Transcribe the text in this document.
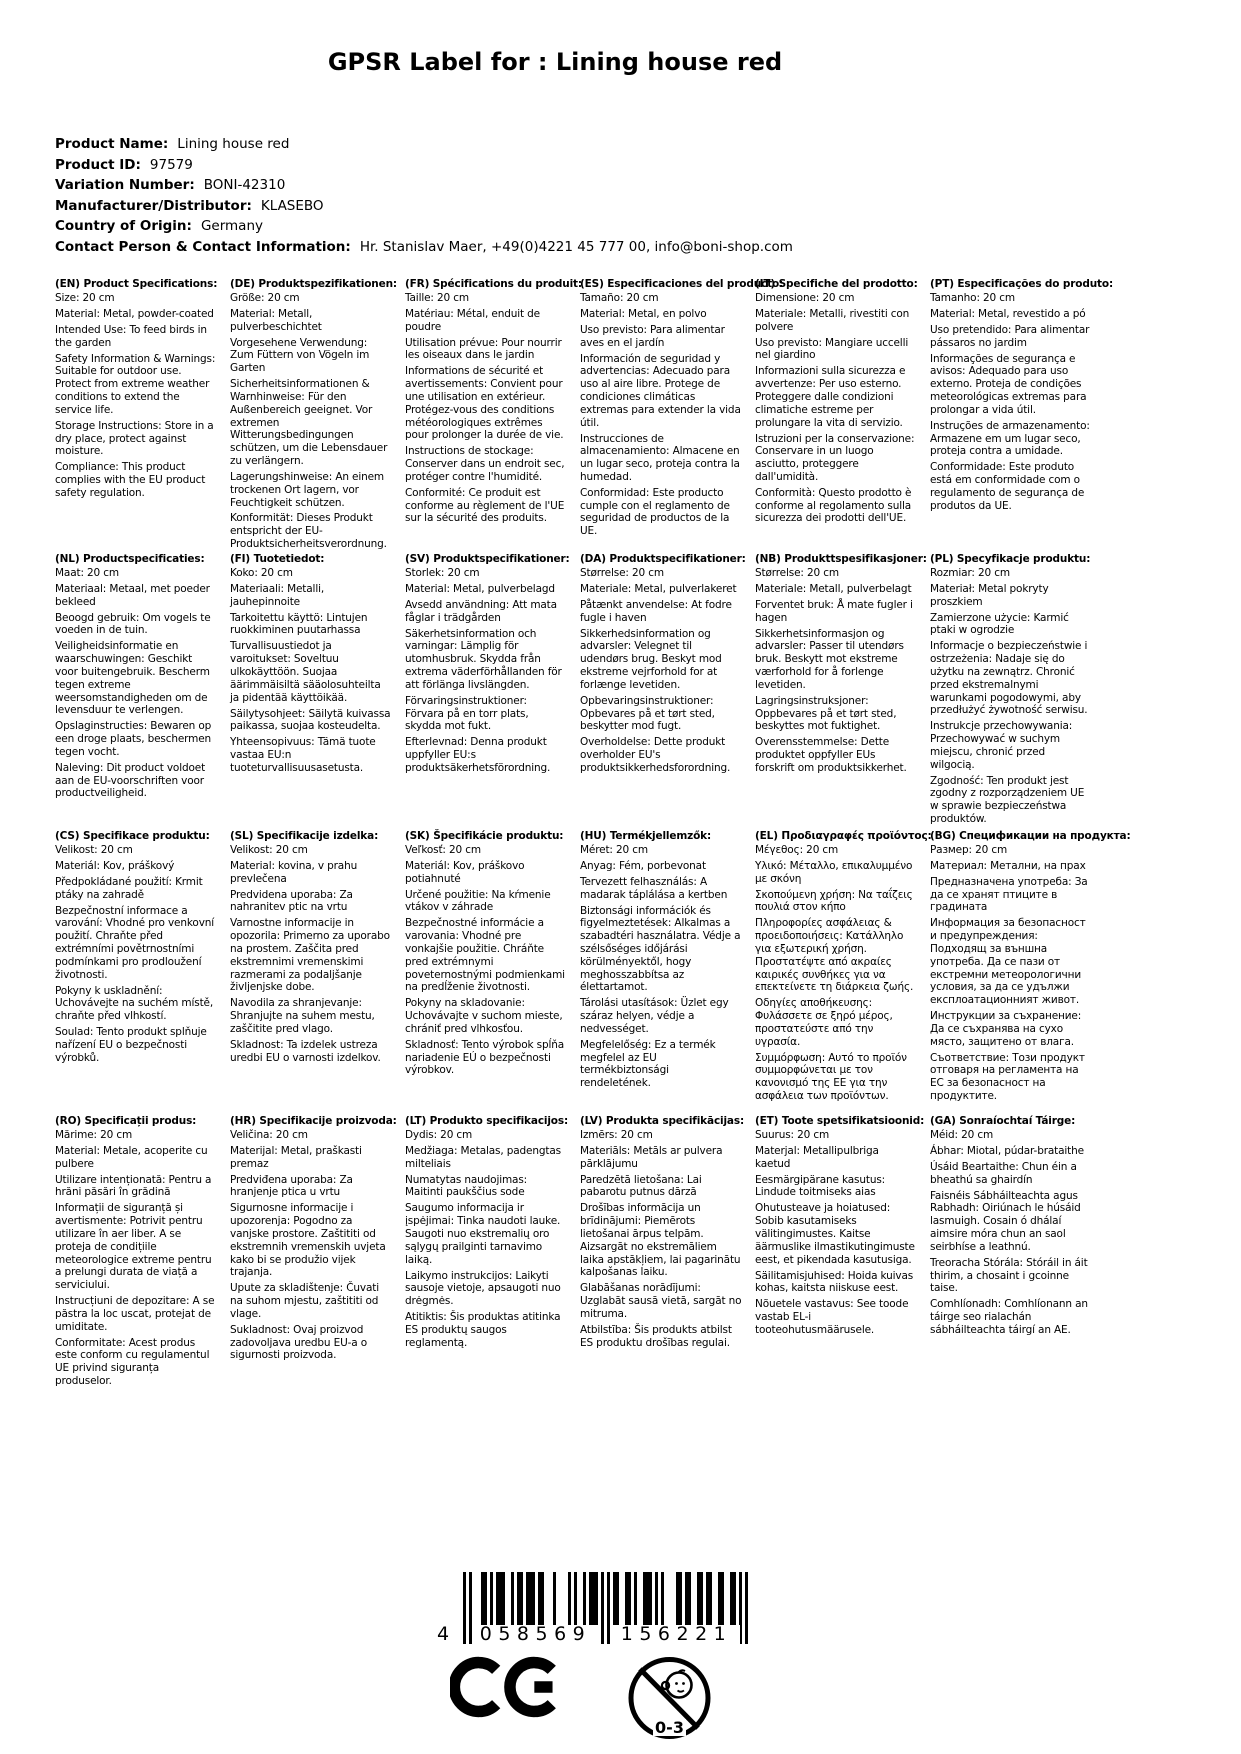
GPSR Label for : Lining house red
Product Name: Lining house red
Product ID: 97579
Variation Number: BONI-42310
Manufacturer/Distributor: KLASEBO
Country of Origin: Germany
Contact Person & Contact Information: Hr. Stanislav Maer, +49(0)4221 45 777 00, info@boni-shop.com
(EN) Product Specifications:

Size: 20 cm

Material: Metal, powder-coated

Intended Use: To feed birds in the garden

Safety Information & Warnings: Suitable for outdoor use. Protect from extreme weather conditions to extend the service life.

Storage Instructions: Store in a dry place, protect against moisture.

Compliance: This product complies with the EU product safety regulation.

(DE) Produktspezifikationen:

Größe: 20 cm

Material: Metall, pulverbeschichtet

Vorgesehene Verwendung: Zum Füttern von Vögeln im Garten

Sicherheitsinformationen & Warnhinweise: Für den Außenbereich geeignet. Vor extremen Witterungsbedingungen schützen, um die Lebensdauer zu verlängern.

Lagerungshinweise: An einem trockenen Ort lagern, vor Feuchtigkeit schützen.

Konformität: Dieses Produkt entspricht der EU-Produktsicherheitsverordnung.

(FR) Spécifications du produit:

Taille: 20 cm

Matériau: Métal, enduit de poudre

Utilisation prévue: Pour nourrir les oiseaux dans le jardin

Informations de sécurité et avertissements: Convient pour une utilisation en extérieur. Protégez-vous des conditions météorologiques extrêmes pour prolonger la durée de vie.

Instructions de stockage: Conserver dans un endroit sec, protéger contre l'humidité.

Conformité: Ce produit est conforme au règlement de l'UE sur la sécurité des produits.

(ES) Especificaciones del producto:

Tamaño: 20 cm

Material: Metal, en polvo

Uso previsto: Para alimentar aves en el jardín

Información de seguridad y advertencias: Adecuado para uso al aire libre. Protege de condiciones climáticas extremas para extender la vida útil.

Instrucciones de almacenamiento: Almacene en un lugar seco, proteja contra la humedad.

Conformidad: Este producto cumple con el reglamento de seguridad de productos de la UE.

(IT) Specifiche del prodotto:

Dimensione: 20 cm

Materiale: Metalli, rivestiti con polvere

Uso previsto: Mangiare uccelli nel giardino

Informazioni sulla sicurezza e avvertenze: Per uso esterno. Proteggere dalle condizioni climatiche estreme per prolungare la vita di servizio.

Istruzioni per la conservazione: Conservare in un luogo asciutto, proteggere dall'umidità.

Conformità: Questo prodotto è conforme al regolamento sulla sicurezza dei prodotti dell'UE.

(PT) Especificações do produto:

Tamanho: 20 cm

Material: Metal, revestido a pó

Uso pretendido: Para alimentar pássaros no jardim

Informações de segurança e avisos: Adequado para uso externo. Proteja de condições meteorológicas extremas para prolongar a vida útil.

Instruções de armazenamento: Armazene em um lugar seco, proteja contra a umidade.

Conformidade: Este produto está em conformidade com o regulamento de segurança de produtos da UE.

(NL) Productspecificaties:

Maat: 20 cm

Materiaal: Metaal, met poeder bekleed

Beoogd gebruik: Om vogels te voeden in de tuin.

Veiligheidsinformatie en waarschuwingen: Geschikt voor buitengebruik. Bescherm tegen extreme weersomstandigheden om de levensduur te verlengen.

Opslaginstructies: Bewaren op een droge plaats, beschermen tegen vocht.

Naleving: Dit product voldoet aan de EU-voorschriften voor productveiligheid.

(FI) Tuotetiedot:

Koko: 20 cm

Materiaali: Metalli, jauhepinnoite

Tarkoitettu käyttö: Lintujen ruokkiminen puutarhassa

Turvallisuustiedot ja varoitukset: Soveltuu ulkokäyttöön. Suojaa äärimmäisiltä sääolosuhteilta ja pidentää käyttöikää.

Säilytysohjeet: Säilytä kuivassa paikassa, suojaa kosteudelta.

Yhteensopivuus: Tämä tuote vastaa EU:n tuoteturvallisuusasetusta.

(SV) Produktspecifikationer:

Storlek: 20 cm

Material: Metal, pulverbelagd

Avsedd användning: Att mata fåglar i trädgården

Säkerhetsinformation och varningar: Lämplig för utomhusbruk. Skydda från extrema väderförhållanden för att förlänga livslängden.

Förvaringsinstruktioner: Förvara på en torr plats, skydda mot fukt.

Efterlevnad: Denna produkt uppfyller EU:s produktsäkerhetsförordning.

(DA) Produktspecifikationer:

Størrelse: 20 cm

Materiale: Metal, pulverlakeret

Påtænkt anvendelse: At fodre fugle i haven

Sikkerhedsinformation og advarsler: Velegnet til udendørs brug. Beskyt mod ekstreme vejrforhold for at forlænge levetiden.

Opbevaringsinstruktioner: Opbevares på et tørt sted, beskytter mod fugt.

Overholdelse: Dette produkt overholder EU's produktsikkerhedsforordning.

(NB) Produkttspesifikasjoner:

Størrelse: 20 cm

Materiale: Metall, pulverbelagt

Forventet bruk: Å mate fugler i hagen

Sikkerhetsinformasjon og advarsler: Passer til utendørs bruk. Beskytt mot ekstreme værforhold for å forlenge levetiden.

Lagringsinstruksjoner: Oppbevares på et tørt sted, beskyttes mot fuktighet.

Overensstemmelse: Dette produktet oppfyller EUs forskrift om produktsikkerhet.

(PL) Specyfikacje produktu:

Rozmiar: 20 cm

Materiał: Metal pokryty proszkiem

Zamierzone użycie: Karmić ptaki w ogrodzie

Informacje o bezpieczeństwie i ostrzeżenia: Nadaje się do użytku na zewnątrz. Chronić przed ekstremalnymi warunkami pogodowymi, aby przedłużyć żywotność serwisu.

Instrukcje przechowywania: Przechowywać w suchym miejscu, chronić przed wilgocią.

Zgodność: Ten produkt jest zgodny z rozporządzeniem UE w sprawie bezpieczeństwa produktów.

(CS) Specifikace produktu:

Velikost: 20 cm

Materiál: Kov, práškový

Předpokládané použití: Krmit ptáky na zahradě

Bezpečnostní informace a varování: Vhodné pro venkovní použití. Chraňte před extrémními povětrnostními podmínkami pro prodloužení životnosti.

Pokyny k uskladnění: Uchovávejte na suchém místě, chraňte před vlhkostí.

Soulad: Tento produkt splňuje nařízení EU o bezpečnosti výrobků.

(SL) Specifikacije izdelka:

Velikost: 20 cm

Material: kovina, v prahu prevlečena

Predvidena uporaba: Za nahranitev ptic na vrtu

Varnostne informacije in opozorila: Primerno za uporabo na prostem. Zaščita pred ekstremnimi vremenskimi razmerami za podaljšanje življenjske dobe.

Navodila za shranjevanje: Shranjujte na suhem mestu, zaščitite pred vlago.

Skladnost: Ta izdelek ustreza uredbi EU o varnosti izdelkov.

(SK) Špecifikácie produktu:

Veľkosť: 20 cm

Materiál: Kov, práškovo potiahnuté

Určené použitie: Na kŕmenie vtákov v záhrade

Bezpečnostné informácie a varovania: Vhodné pre vonkajšie použitie. Chráňte pred extrémnymi poveternostnými podmienkami na predĺženie životnosti.

Pokyny na skladovanie: Uchovávajte v suchom mieste, chrániť pred vlhkosťou.

Skladnosť: Tento výrobok spĺňa nariadenie EÚ o bezpečnosti výrobkov.

(HU) Termékjellemzők:

Méret: 20 cm

Anyag: Fém, porbevonat

Tervezett felhasználás: A madarak táplálása a kertben

Biztonsági információk és figyelmeztetések: Alkalmas a szabadtéri használatra. Védje a szélsőséges időjárási körülményektől, hogy meghosszabbítsa az élettartamot.

Tárolási utasítások: Üzlet egy száraz helyen, védje a nedvességet.

Megfelelőség: Ez a termék megfelel az EU termékbiztonsági rendeletének.

(EL) Προδιαγραφές προϊόντος:

Μέγεθος: 20 cm

Υλικό: Μέταλλο, επικαλυμμένο με σκόνη

Σκοπούμενη χρήση: Να ταΐζεις πουλιά στον κήπο

Πληροφορίες ασφάλειας & προειδοποιήσεις: Κατάλληλο για εξωτερική χρήση. Προστατέψτε από ακραίες καιρικές συνθήκες για να επεκτείνετε τη διάρκεια ζωής.

Οδηγίες αποθήκευσης: Φυλάσσετε σε ξηρό μέρος, προστατεύστε από την υγρασία.

Συμμόρφωση: Αυτό το προϊόν συμμορφώνεται με τον κανονισμό της ΕΕ για την ασφάλεια των προϊόντων.

(BG) Спецификации на продукта:

Размер: 20 cm

Материал: Метални, на прах

Предназначена употреба: За да се хранят птиците в градината

Информация за безопасност и предупреждения: Подходящ за външна употреба. Да се пази от екстремни метеорологични условия, за да се удължи експлоатационният живот.

Инструкции за съхранение: Да се съхранява на сухо място, защитено от влага.

Съответствие: Този продукт отговаря на регламента на ЕС за безопасност на продуктите.

(RO) Specificații produs:

Mărime: 20 cm

Material: Metale, acoperite cu pulbere

Utilizare intenționată: Pentru a hrăni păsări în grădină

Informații de siguranță și avertismente: Potrivit pentru utilizare în aer liber. A se proteja de condițiile meteorologice extreme pentru a prelungi durata de viață a serviciului.

Instrucțiuni de depozitare: A se păstra la loc uscat, protejat de umiditate.

Conformitate: Acest produs este conform cu regulamentul UE privind siguranța produselor.

(HR) Specifikacije proizvoda:

Veličina: 20 cm

Materijal: Metal, praškasti premaz

Predviđena uporaba: Za hranjenje ptica u vrtu

Sigurnosne informacije i upozorenja: Pogodno za vanjske prostore. Zaštititi od ekstremnih vremenskih uvjeta kako bi se produžio vijek trajanja.

Upute za skladištenje: Čuvati na suhom mjestu, zaštititi od vlage.

Sukladnost: Ovaj proizvod zadovoljava uredbu EU-a o sigurnosti proizvoda.

(LT) Produkto specifikacijos:

Dydis: 20 cm

Medžiaga: Metalas, padengtas milteliais

Numatytas naudojimas: Maitinti paukščius sode

Saugumo informacija ir įspėjimai: Tinka naudoti lauke. Saugoti nuo ekstremalių oro sąlygų prailginti tarnavimo laiką.

Laikymo instrukcijos: Laikyti sausoje vietoje, apsaugoti nuo drėgmės.

Atitiktis: Šis produktas atitinka ES produktų saugos reglamentą.

(LV) Produkta specifikācijas:

Izmērs: 20 cm

Materiāls: Metāls ar pulvera pārklājumu

Paredzētā lietošana: Lai pabarotu putnus dārzā

Drošības informācija un brīdinājumi: Piemērots lietošanai ārpus telpām. Aizsargāt no ekstremāliem laika apstākļiem, lai pagarinātu kalpošanas laiku.

Glabāšanas norādījumi: Uzglabāt sausā vietā, sargāt no mitruma.

Atbilstība: Šis produkts atbilst ES produktu drošības regulai.

(ET) Toote spetsifikatsioonid:

Suurus: 20 cm

Materjal: Metallipulbriga kaetud

Eesmärgipärane kasutus: Lindude toitmiseks aias

Ohutusteave ja hoiatused: Sobib kasutamiseks välitingimustes. Kaitse äärmuslike ilmastikutingimuste eest, et pikendada kasutusiga.

Säilitamisjuhised: Hoida kuivas kohas, kaitsta niiskuse eest.

Nõuetele vastavus: See toode vastab EL-i tooteohutusmäärusele.

(GA) Sonraíochtaí Táirge:

Méid: 20 cm

Ábhar: Miotal, púdar-brataithe

Úsáid Beartaithe: Chun éin a bheathú sa ghairdín

Faisnéis Sábháilteachta agus Rabhadh: Oiriúnach le húsáid lasmuigh. Cosain ó dhálaí aimsire móra chun an saol seirbhíse a leathnú.

Treoracha Stórála: Stóráil in áit thirim, a chosaint i gcoinne taise.

Comhlíonadh: Comhlíonann an táirge seo rialachán sábháilteachta táirgí an AE.

4	058569	156221
0-3
